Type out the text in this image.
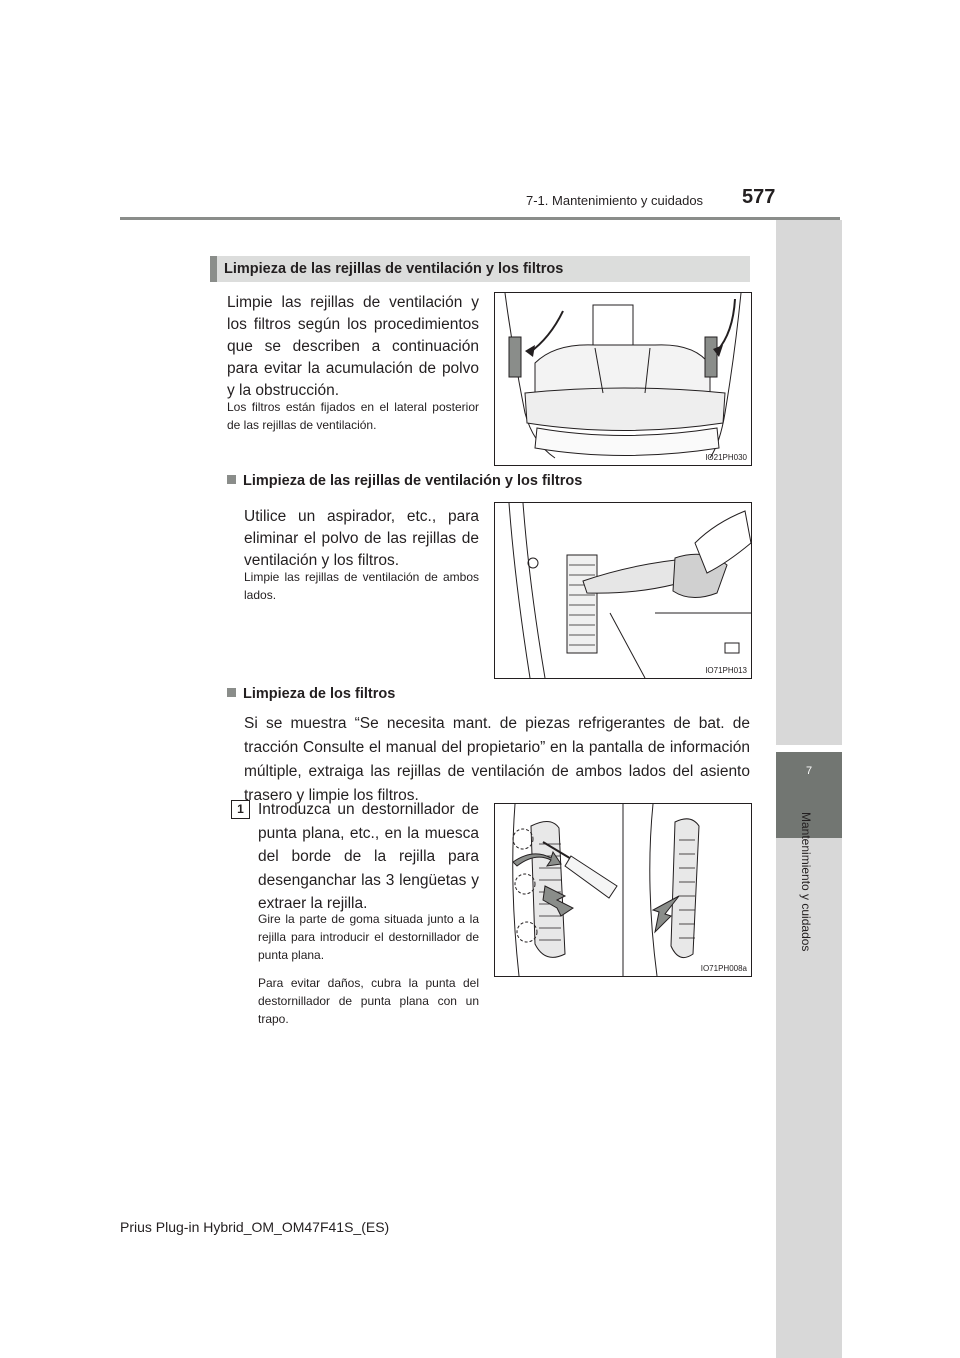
7-1. Mantenimiento y cuidados 577
7
Mantenimiento y cuidados
Limpieza de las rejillas de ventilación y los filtros
Limpie las rejillas de ventilación y los filtros según los procedimientos que se describen a continuación para evitar la acumulación de polvo y la obstrucción.
Los filtros están fijados en el lateral posterior de las rejillas de ventilación.
IO21PH030
Limpieza de las rejillas de ventilación y los filtros
Utilice un aspirador, etc., para eliminar el polvo de las rejillas de ventilación y los filtros.
Limpie las rejillas de ventilación de ambos lados.
IO71PH013
Limpieza de los filtros
Si se muestra “Se necesita mant. de piezas refrigerantes de bat. de tracción Consulte el manual del propietario” en la pantalla de información múltiple, extraiga las rejillas de ventilación de ambos lados del asiento trasero y limpie los filtros.
1 Introduzca un destornillador de punta plana, etc., en la muesca del borde de la rejilla para desenganchar las 3 lengüetas y extraer la rejilla.
Gire la parte de goma situada junto a la rejilla para introducir el destornillador de punta plana.
Para evitar daños, cubra la punta del destornillador de punta plana con un trapo.
IO71PH008a
Prius Plug-in Hybrid_OM_OM47F41S_(ES)
